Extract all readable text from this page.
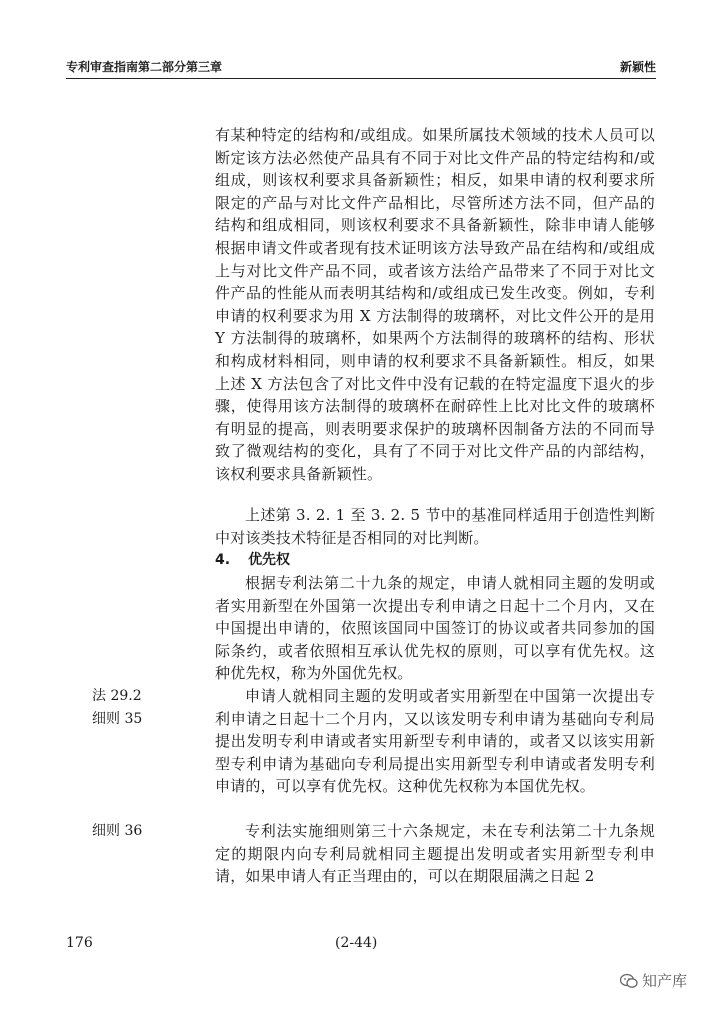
专利审查指南第二部分第三章	新颖性

有某种特定的结构和/或组成。如果所属技术领域的技术人员可以断定该方法必然使产品具有不同于对比文件产品的特定结构和/或组成，则该权利要求具备新颖性；相反，如果申请的权利要求所限定的产品与对比文件产品相比，尽管所述方法不同，但产品的结构和组成相同，则该权利要求不具备新颖性，除非申请人能够根据申请文件或者现有技术证明该方法导致产品在结构和/或组成上与对比文件产品不同，或者该方法给产品带来了不同于对比文件产品的性能从而表明其结构和/或组成已发生改变。例如，专利申请的权利要求为用 X 方法制得的玻璃杯，对比文件公开的是用 Y 方法制得的玻璃杯，如果两个方法制得的玻璃杯的结构、形状和构成材料相同，则申请的权利要求不具备新颖性。相反，如果上述 X 方法包含了对比文件中没有记载的在特定温度下退火的步骤，使得用该方法制得的玻璃杯在耐碎性上比对比文件的玻璃杯有明显的提高，则表明要求保护的玻璃杯因制备方法的不同而导致了微观结构的变化，具有了不同于对比文件产品的内部结构，该权利要求具备新颖性。

上述第 3. 2. 1 至 3. 2. 5 节中的基准同样适用于创造性判断中对该类技术特征是否相同的对比判断。

4. 优先权

根据专利法第二十九条的规定，申请人就相同主题的发明或者实用新型在外国第一次提出专利申请之日起十二个月内，又在中国提出申请的，依照该国同中国签订的协议或者共同参加的国际条约，或者依照相互承认优先权的原则，可以享有优先权。这种优先权，称为外国优先权。

法 29.2
细则 35

申请人就相同主题的发明或者实用新型在中国第一次提出专利申请之日起十二个月内，又以该发明专利申请为基础向专利局提出发明专利申请或者实用新型专利申请的，或者又以该实用新型专利申请为基础向专利局提出实用新型专利申请或者发明专利申请的，可以享有优先权。这种优先权称为本国优先权。

细则 36	专利法实施细则第三十六条规定，未在专利法第二十九条规定的期限内向专利局就相同主题提出发明或者实用新型专利申请，如果申请人有正当理由的，可以在期限届满之日起 2

176	(2-44)
知产库
